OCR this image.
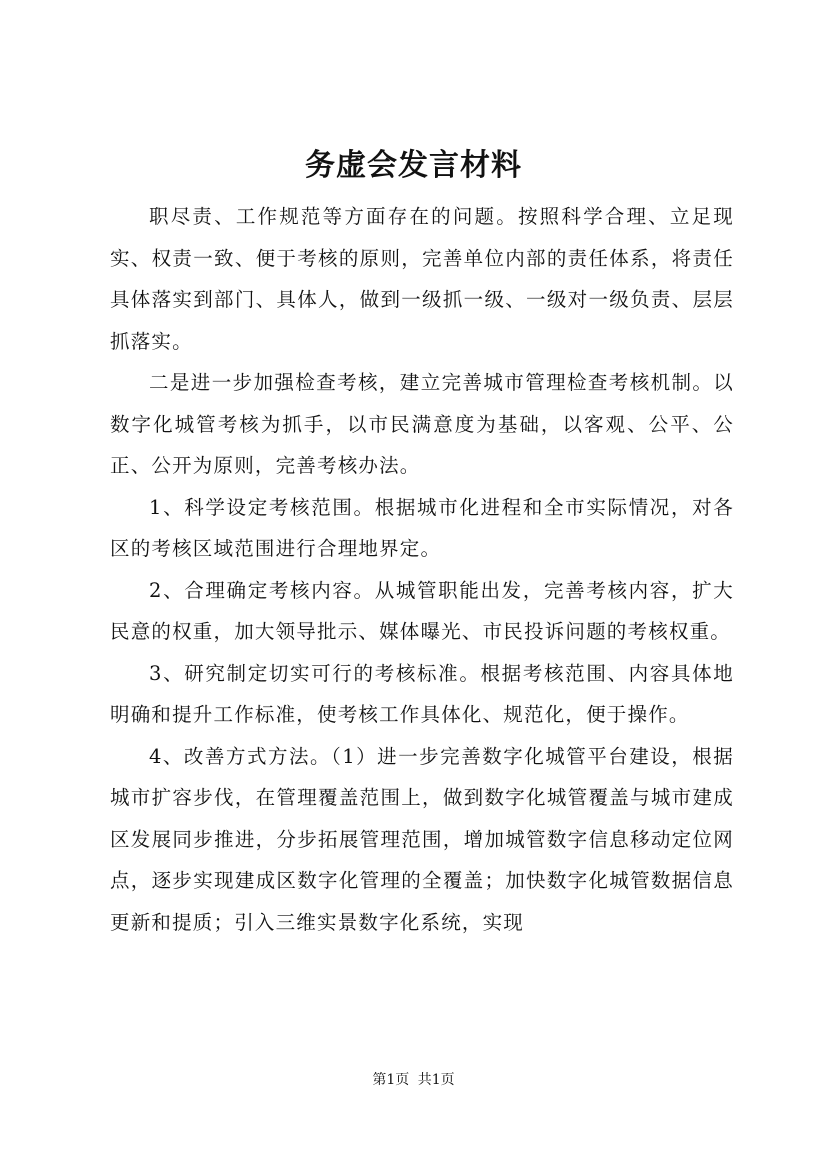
务虚会发言材料

职尽责、工作规范等方面存在的问题。按照科学合理、立足现实、权责一致、便于考核的原则，完善单位内部的责任体系，将责任具体落实到部门、具体人，做到一级抓一级、一级对一级负责、层层抓落实。

二是进一步加强检查考核，建立完善城市管理检查考核机制。以数字化城管考核为抓手，以市民满意度为基础，以客观、公平、公正、公开为原则，完善考核办法。

1、科学设定考核范围。根据城市化进程和全市实际情况，对各区的考核区域范围进行合理地界定。

2、合理确定考核内容。从城管职能出发，完善考核内容，扩大民意的权重，加大领导批示、媒体曝光、市民投诉问题的考核权重。

3、研究制定切实可行的考核标准。根据考核范围、内容具体地明确和提升工作标准，使考核工作具体化、规范化，便于操作。

4、改善方式方法。（1）进一步完善数字化城管平台建设，根据城市扩容步伐，在管理覆盖范围上，做到数字化城管覆盖与城市建成区发展同步推进，分步拓展管理范围，增加城管数字信息移动定位网点，逐步实现建成区数字化管理的全覆盖；加快数字化城管数据信息更新和提质；引入三维实景数字化系统，实现

第1页 共1页
